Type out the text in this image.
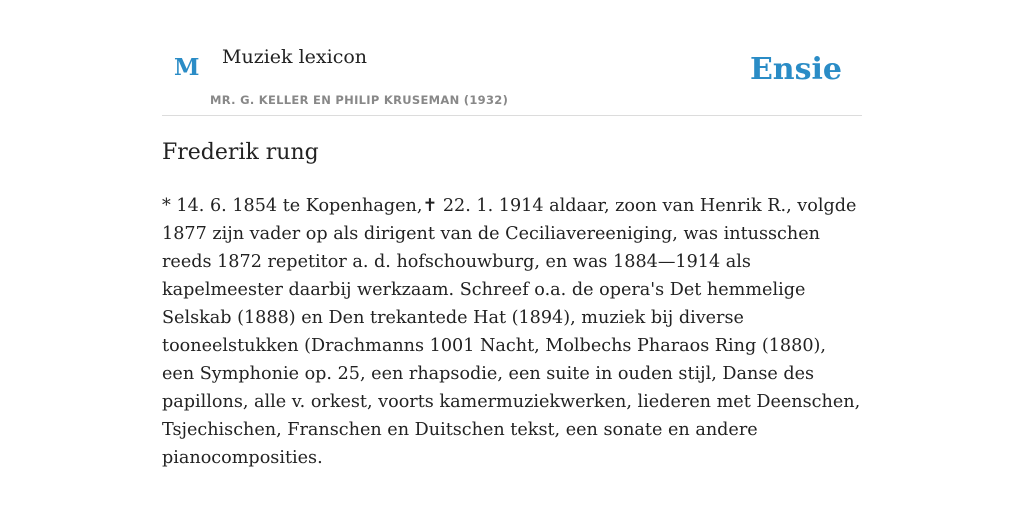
M Muziek lexicon
MR. G. KELLER EN PHILIP KRUSEMAN (1932)
Ensie
Frederik rung

* 14. 6. 1854 te Kopenhagen,✝ 22. 1. 1914 aldaar, zoon van Henrik R., volgde 1877 zijn vader op als dirigent van de Ceciliavereeniging, was intusschen reeds 1872 repetitor a. d. hofschouwburg, en was 1884—1914 als kapelmeester daarbij werkzaam. Schreef o.a. de opera's Det hemmelige Selskab (1888) en Den trekantede Hat (1894), muziek bij diverse tooneelstukken (Drachmanns 1001 Nacht, Molbechs Pharaos Ring (1880), een Symphonie op. 25, een rhapsodie, een suite in ouden stijl, Danse des papillons, alle v. orkest, voorts kamermuziekwerken, liederen met Deenschen, Tsjechischen, Franschen en Duitschen tekst, een sonate en andere pianocomposities.
